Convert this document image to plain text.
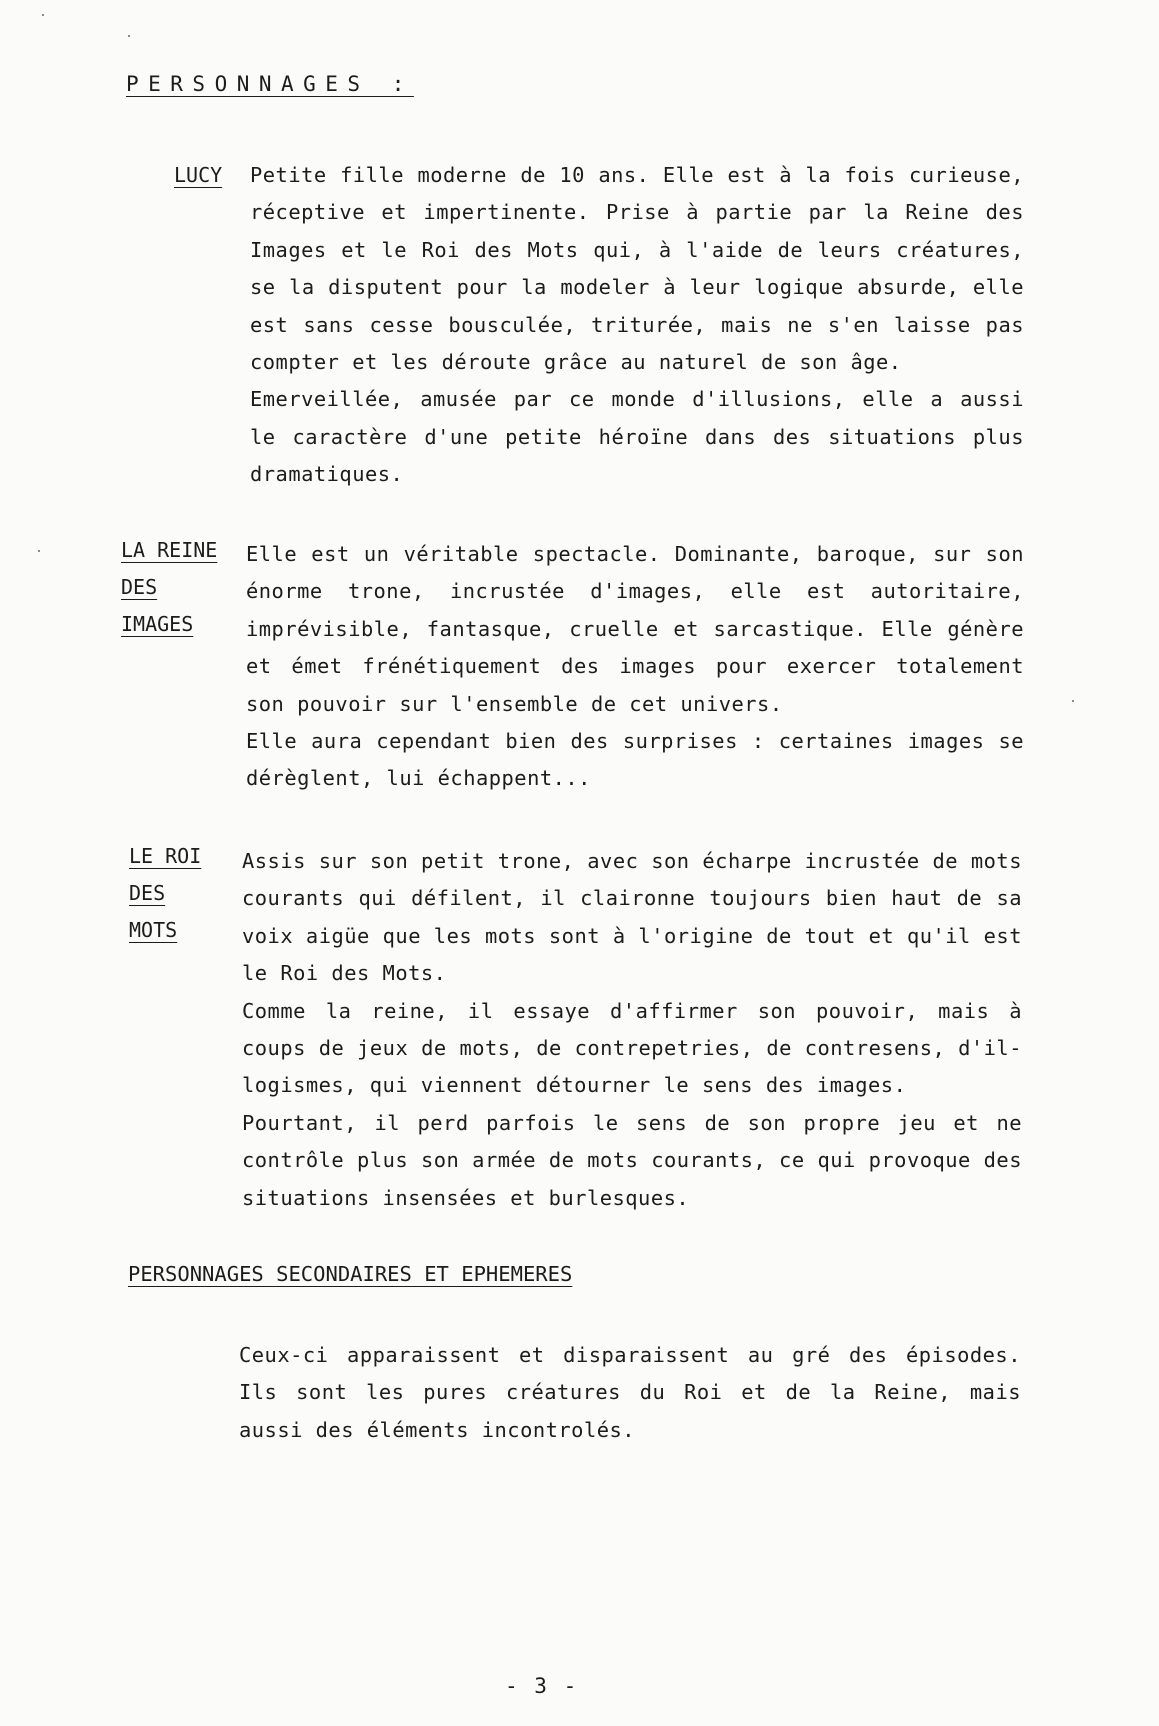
PERSONNAGES :
LUCY	Petite fille moderne de 10 ans. Elle est à la fois curieuse, réceptive et impertinente. Prise à partie par la Reine des Images et le Roi des Mots qui, à l'aide de leurs créatures, se la disputent pour la modeler à leur logique absurde, elle est sans cesse bousculée, triturée, mais ne s'en laisse pas compter et les déroute grâce au naturel de son âge.

Emerveillée, amusée par ce monde d'illusions, elle a aussi le caractère d'une petite héroïne dans des situations plus dramatiques.

LA REINE
DES
IMAGES

Elle est un véritable spectacle. Dominante, baroque, sur son énorme trone, incrustée d'images, elle est autoritaire, imprévisible, fantasque, cruelle et sarcastique. Elle génère et émet frénétiquement des images pour exercer totalement son pouvoir sur l'ensemble de cet univers.

Elle aura cependant bien des surprises : certaines images se dérèglent, lui échappent...

LE ROI
DES
MOTS

Assis sur son petit trone, avec son écharpe incrustée de mots courants qui défilent, il claironne toujours bien haut de sa voix aigüe que les mots sont à l'origine de tout et qu'il est le Roi des Mots.

Comme la reine, il essaye d'affirmer son pouvoir, mais à coups de jeux de mots, de contrepetries, de contresens, d'il-logismes, qui viennent détourner le sens des images.

Pourtant, il perd parfois le sens de son propre jeu et ne contrôle plus son armée de mots courants, ce qui provoque des situations insensées et burlesques.

PERSONNAGES SECONDAIRES ET EPHEMERES

Ceux-ci apparaissent et disparaissent au gré des épisodes. Ils sont les pures créatures du Roi et de la Reine, mais aussi des éléments incontrolés.

- 3 -
